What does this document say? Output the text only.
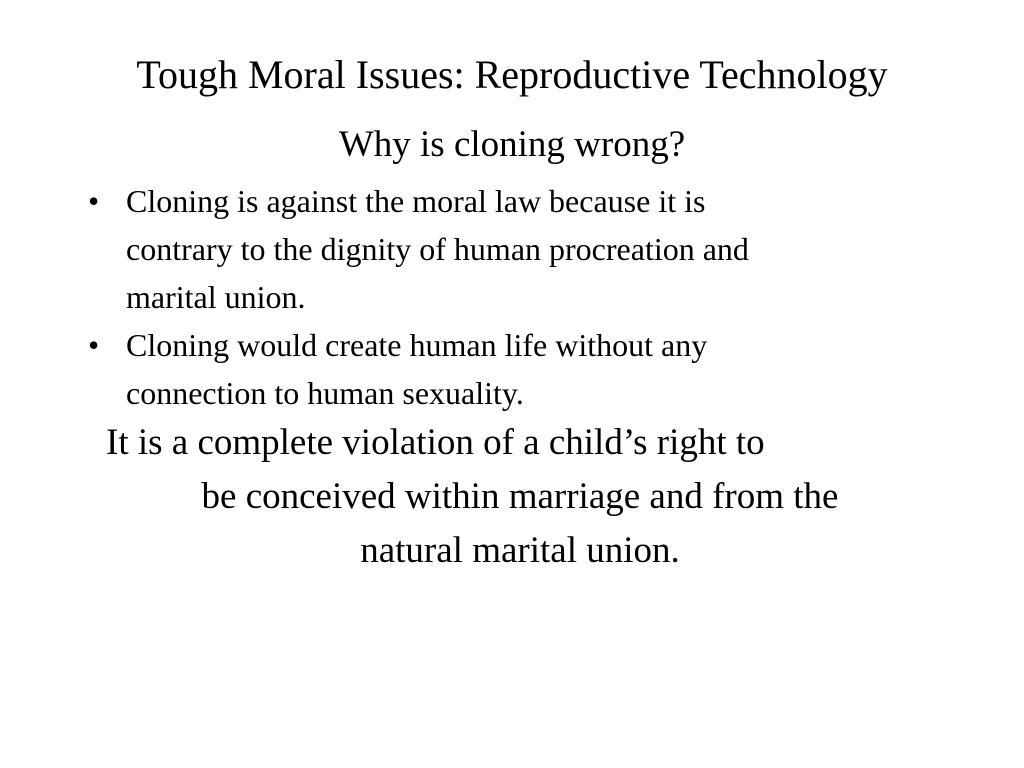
Tough Moral Issues: Reproductive Technology

Why is cloning wrong?

• Cloning is against the moral law because it is
contrary to the dignity of human procreation and
marital union.
• Cloning would create human life without any
connection to human sexuality.

It is a complete violation of a child’s right to
be conceived within marriage and from the
natural marital union.
